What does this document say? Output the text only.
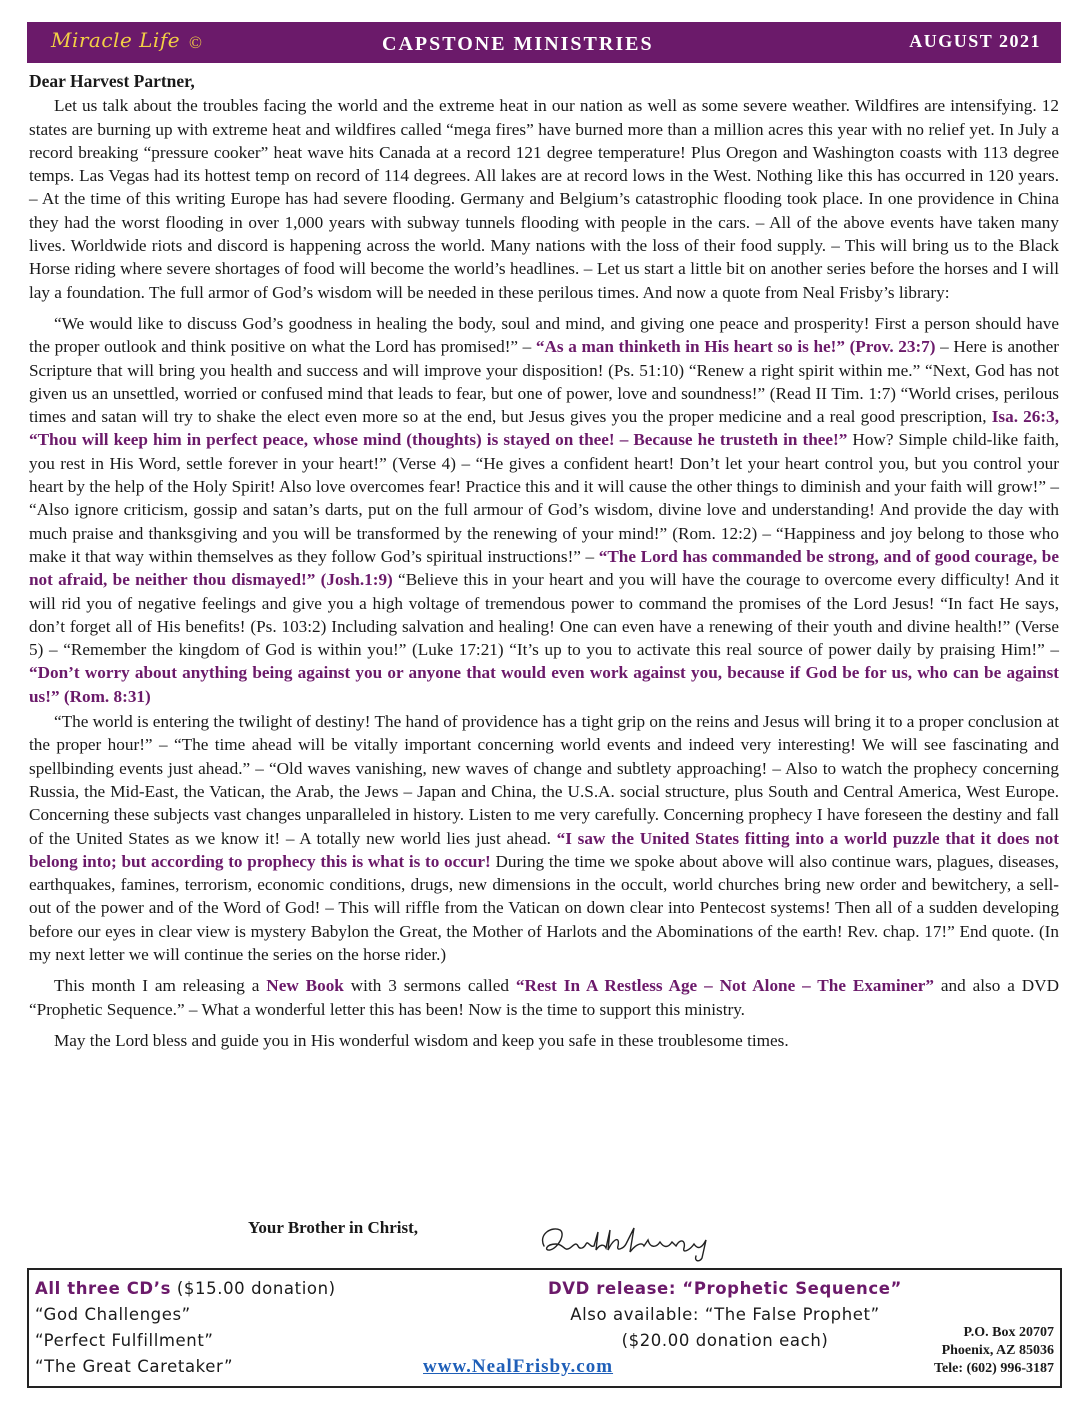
Miracle Life ©	CAPSTONE MINISTRIES	AUGUST 2021
Dear Harvest Partner,

Let us talk about the troubles facing the world and the extreme heat in our nation as well as some severe weather. Wildfires are intensifying. 12 states are burning up with extreme heat and wildfires called “mega fires” have burned more than a million acres this year with no relief yet. In July a record breaking “pressure cooker” heat wave hits Canada at a record 121 degree temperature! Plus Oregon and Washington coasts with 113 degree temps. Las Vegas had its hottest temp on record of 114 degrees. All lakes are at record lows in the West. Nothing like this has occurred in 120 years. – At the time of this writing Europe has had severe flooding. Germany and Belgium’s catastrophic flooding took place. In one providence in China they had the worst flooding in over 1,000 years with subway tunnels flooding with people in the cars. – All of the above events have taken many lives. Worldwide riots and discord is happening across the world. Many nations with the loss of their food supply. – This will bring us to the Black Horse riding where severe shortages of food will become the world’s headlines. – Let us start a little bit on another series before the horses and I will lay a foundation. The full armor of God’s wisdom will be needed in these perilous times. And now a quote from Neal Frisby’s library:

“We would like to discuss God’s goodness in healing the body, soul and mind, and giving one peace and prosperity! First a person should have the proper outlook and think positive on what the Lord has promised!” – “As a man thinketh in His heart so is he!” (Prov. 23:7) – Here is another Scripture that will bring you health and success and will improve your disposition! (Ps. 51:10) “Renew a right spirit within me.” “Next, God has not given us an unsettled, worried or confused mind that leads to fear, but one of power, love and soundness!” (Read II Tim. 1:7) “World crises, perilous times and satan will try to shake the elect even more so at the end, but Jesus gives you the proper medicine and a real good prescription, Isa. 26:3, “Thou will keep him in perfect peace, whose mind (thoughts) is stayed on thee! – Because he trusteth in thee!” How? Simple child-like faith, you rest in His Word, settle forever in your heart!” (Verse 4) – “He gives a confident heart! Don’t let your heart control you, but you control your heart by the help of the Holy Spirit! Also love overcomes fear! Practice this and it will cause the other things to diminish and your faith will grow!” – “Also ignore criticism, gossip and satan’s darts, put on the full armour of God’s wisdom, divine love and understanding! And provide the day with much praise and thanksgiving and you will be transformed by the renewing of your mind!” (Rom. 12:2) – “Happiness and joy belong to those who make it that way within themselves as they follow God’s spiritual instructions!” – “The Lord has commanded be strong, and of good courage, be not afraid, be neither thou dismayed!” (Josh.1:9) “Believe this in your heart and you will have the courage to overcome every difficulty! And it will rid you of negative feelings and give you a high voltage of tremendous power to command the promises of the Lord Jesus! “In fact He says, don’t forget all of His benefits! (Ps. 103:2) Including salvation and healing! One can even have a renewing of their youth and divine health!” (Verse 5) – “Remember the kingdom of God is within you!” (Luke 17:21) “It’s up to you to activate this real source of power daily by praising Him!” – “Don’t worry about anything being against you or anyone that would even work against you, because if God be for us, who can be against us!” (Rom. 8:31)

“The world is entering the twilight of destiny! The hand of providence has a tight grip on the reins and Jesus will bring it to a proper conclusion at the proper hour!” – “The time ahead will be vitally important concerning world events and indeed very interesting! We will see fascinating and spellbinding events just ahead.” – “Old waves vanishing, new waves of change and subtlety approaching! – Also to watch the prophecy concerning Russia, the Mid-East, the Vatican, the Arab, the Jews – Japan and China, the U.S.A. social structure, plus South and Central America, West Europe. Concerning these subjects vast changes unparalleled in history. Listen to me very carefully. Concerning prophecy I have foreseen the destiny and fall of the United States as we know it! – A totally new world lies just ahead. “I saw the United States fitting into a world puzzle that it does not belong into; but according to prophecy this is what is to occur! During the time we spoke about above will also continue wars, plagues, diseases, earthquakes, famines, terrorism, economic conditions, drugs, new dimensions in the occult, world churches bring new order and bewitchery, a sell-out of the power and of the Word of God! – This will riffle from the Vatican on down clear into Pentecost systems! Then all of a sudden developing before our eyes in clear view is mystery Babylon the Great, the Mother of Harlots and the Abominations of the earth! Rev. chap. 17!” End quote. (In my next letter we will continue the series on the horse rider.)

This month I am releasing a New Book with 3 sermons called “Rest In A Restless Age – Not Alone – The Examiner” and also a DVD “Prophetic Sequence.” – What a wonderful letter this has been! Now is the time to support this ministry.

May the Lord bless and guide you in His wonderful wisdom and keep you safe in these troublesome times.

Your Brother in Christ,
All three CD’s ($15.00 donation)
“God Challenges”
“Perfect Fulfillment”
“The Great Caretaker”
DVD release: “Prophetic Sequence”
Also available: “The False Prophet”
($20.00 donation each)
www.NealFrisby.com
P.O. Box 20707
Phoenix, AZ 85036
Tele: (602) 996-3187
